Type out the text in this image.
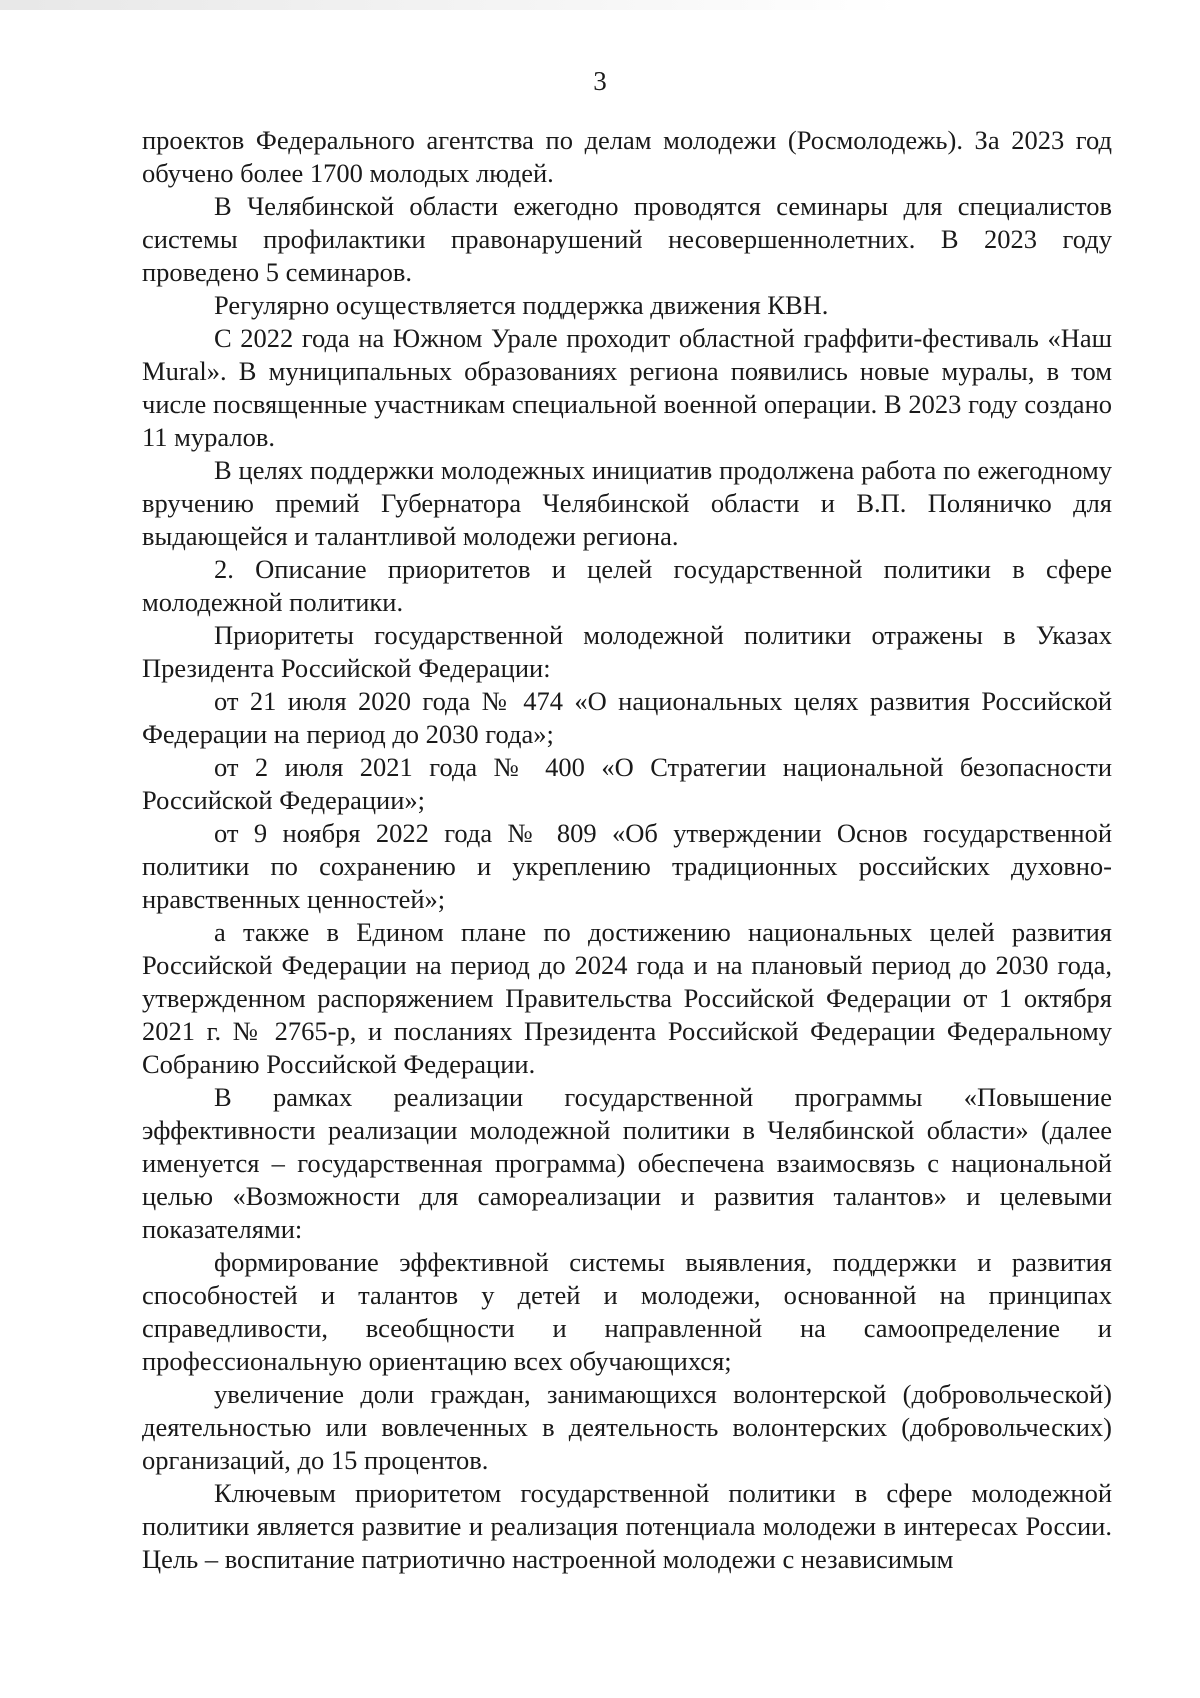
3

проектов Федерального агентства по делам молодежи (Росмолодежь). За 2023 год обучено более 1700 молодых людей.

В Челябинской области ежегодно проводятся семинары для специалистов системы профилактики правонарушений несовершеннолетних. В 2023 году проведено 5 семинаров.

Регулярно осуществляется поддержка движения КВН.

С 2022 года на Южном Урале проходит областной граффити-фестиваль «Наш Mural». В муниципальных образованиях региона появились новые муралы, в том числе посвященные участникам специальной военной операции. В 2023 году создано 11 муралов.

В целях поддержки молодежных инициатив продолжена работа по ежегодному вручению премий Губернатора Челябинской области и В.П. Поляничко для выдающейся и талантливой молодежи региона.

2. Описание приоритетов и целей государственной политики в сфере молодежной политики.

Приоритеты государственной молодежной политики отражены в Указах Президента Российской Федерации:

от 21 июля 2020 года № 474 «О национальных целях развития Российской Федерации на период до 2030 года»;

от 2 июля 2021 года № 400 «О Стратегии национальной безопасности Российской Федерации»;

от 9 ноября 2022 года № 809 «Об утверждении Основ государственной политики по сохранению и укреплению традиционных российских духовно-нравственных ценностей»;

а также в Едином плане по достижению национальных целей развития Российской Федерации на период до 2024 года и на плановый период до 2030 года, утвержденном распоряжением Правительства Российской Федерации от 1 октября 2021 г. № 2765-р, и посланиях Президента Российской Федерации Федеральному Собранию Российской Федерации.

В рамках реализации государственной программы «Повышение эффективности реализации молодежной политики в Челябинской области» (далее именуется – государственная программа) обеспечена взаимосвязь с национальной целью «Возможности для самореализации и развития талантов» и целевыми показателями:

формирование эффективной системы выявления, поддержки и развития способностей и талантов у детей и молодежи, основанной на принципах справедливости, всеобщности и направленной на самоопределение и профессиональную ориентацию всех обучающихся;

увеличение доли граждан, занимающихся волонтерской (добровольческой) деятельностью или вовлеченных в деятельность волонтерских (добровольческих) организаций, до 15 процентов.

Ключевым приоритетом государственной политики в сфере молодежной политики является развитие и реализация потенциала молодежи в интересах России. Цель – воспитание патриотично настроенной молодежи с независимым
